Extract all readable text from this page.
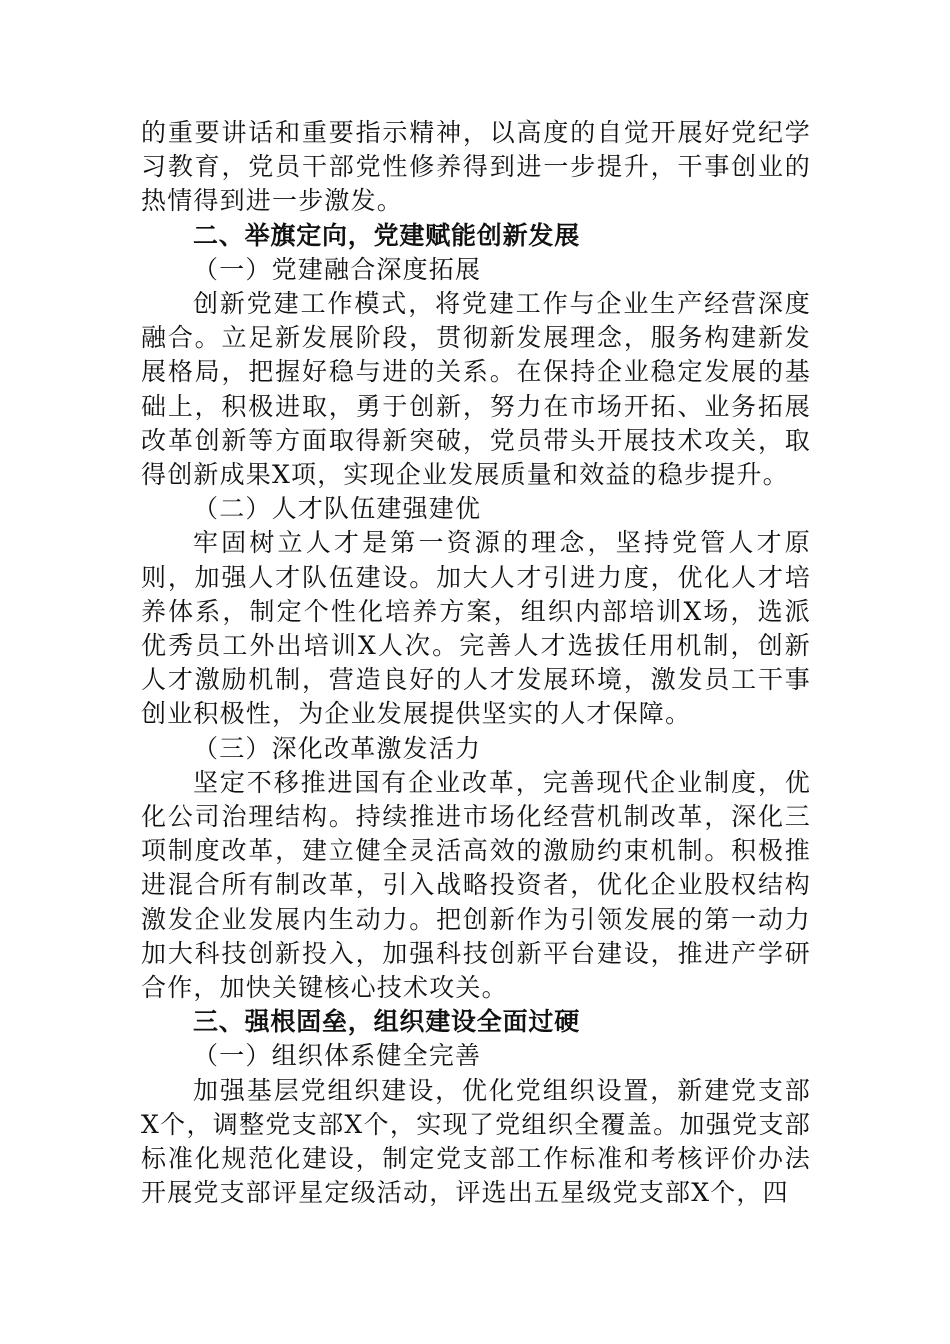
的重要讲话和重要指示精神，以高度的自觉开展好党纪学习教育，党员干部党性修养得到进一步提升，干事创业的热情得到进一步激发。

二、举旗定向，党建赋能创新发展

（一）党建融合深度拓展

创新党建工作模式，将党建工作与企业生产经营深度融合。立足新发展阶段，贯彻新发展理念，服务构建新发展格局，把握好稳与进的关系。在保持企业稳定发展的基础上，积极进取，勇于创新，努力在市场开拓、业务拓展改革创新等方面取得新突破，党员带头开展技术攻关，取得创新成果X项，实现企业发展质量和效益的稳步提升。

（二）人才队伍建强建优

牢固树立人才是第一资源的理念，坚持党管人才原则，加强人才队伍建设。加大人才引进力度，优化人才培养体系，制定个性化培养方案，组织内部培训X场，选派优秀员工外出培训X人次。完善人才选拔任用机制，创新人才激励机制，营造良好的人才发展环境，激发员工干事创业积极性，为企业发展提供坚实的人才保障。

（三）深化改革激发活力

坚定不移推进国有企业改革，完善现代企业制度，优化公司治理结构。持续推进市场化经营机制改革，深化三项制度改革，建立健全灵活高效的激励约束机制。积极推进混合所有制改革，引入战略投资者，优化企业股权结构激发企业发展内生动力。把创新作为引领发展的第一动力加大科技创新投入，加强科技创新平台建设，推进产学研合作，加快关键核心技术攻关。

三、强根固垒，组织建设全面过硬

（一）组织体系健全完善

加强基层党组织建设，优化党组织设置，新建党支部X个，调整党支部X个，实现了党组织全覆盖。加强党支部标准化规范化建设，制定党支部工作标准和考核评价办法开展党支部评星定级活动，评选出五星级党支部X个，四
